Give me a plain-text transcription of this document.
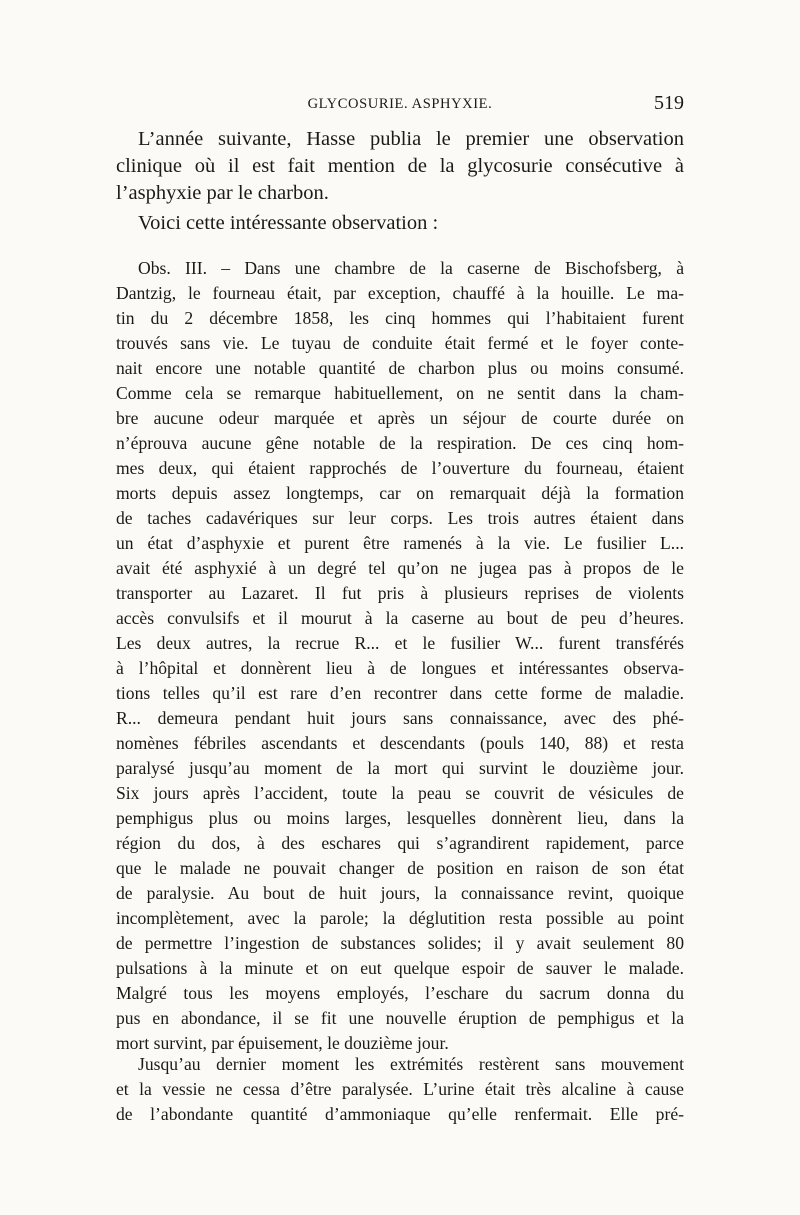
GLYCOSURIE. ASPHYXIE.	519

L’année suivante, Hasse publia le premier une observation
clinique où il est fait mention de la glycosurie consécutive à
l’asphyxie par le charbon.

Voici cette intéressante observation :

Obs. III. – Dans une chambre de la caserne de Bischofsberg, à
Dantzig, le fourneau était, par exception, chauffé à la houille. Le ma-
tin du 2 décembre 1858, les cinq hommes qui l’habitaient furent
trouvés sans vie. Le tuyau de conduite était fermé et le foyer conte-
nait encore une notable quantité de charbon plus ou moins consumé.
Comme cela se remarque habituellement, on ne sentit dans la cham-
bre aucune odeur marquée et après un séjour de courte durée on
n’éprouva aucune gêne notable de la respiration. De ces cinq hom-
mes deux, qui étaient rapprochés de l’ouverture du fourneau, étaient
morts depuis assez longtemps, car on remarquait déjà la formation
de taches cadavériques sur leur corps. Les trois autres étaient dans
un état d’asphyxie et purent être ramenés à la vie. Le fusilier L...
avait été asphyxié à un degré tel qu’on ne jugea pas à propos de le
transporter au Lazaret. Il fut pris à plusieurs reprises de violents
accès convulsifs et il mourut à la caserne au bout de peu d’heures.
Les deux autres, la recrue R... et le fusilier W... furent transférés
à l’hôpital et donnèrent lieu à de longues et intéressantes observa-
tions telles qu’il est rare d’en recontrer dans cette forme de maladie.
R... demeura pendant huit jours sans connaissance, avec des phé-
nomènes fébriles ascendants et descendants (pouls 140, 88) et resta
paralysé jusqu’au moment de la mort qui survint le douzième jour.
Six jours après l’accident, toute la peau se couvrit de vésicules de
pemphigus plus ou moins larges, lesquelles donnèrent lieu, dans la
région du dos, à des eschares qui s’agrandirent rapidement, parce
que le malade ne pouvait changer de position en raison de son état
de paralysie. Au bout de huit jours, la connaissance revint, quoique
incomplètement, avec la parole; la déglutition resta possible au point
de permettre l’ingestion de substances solides; il y avait seulement 80
pulsations à la minute et on eut quelque espoir de sauver le malade.
Malgré tous les moyens employés, l’eschare du sacrum donna du
pus en abondance, il se fit une nouvelle éruption de pemphigus et la
mort survint, par épuisement, le douzième jour.

Jusqu’au dernier moment les extrémités restèrent sans mouvement
et la vessie ne cessa d’être paralysée. L’urine était très alcaline à cause
de l’abondante quantité d’ammoniaque qu’elle renfermait. Elle pré-
